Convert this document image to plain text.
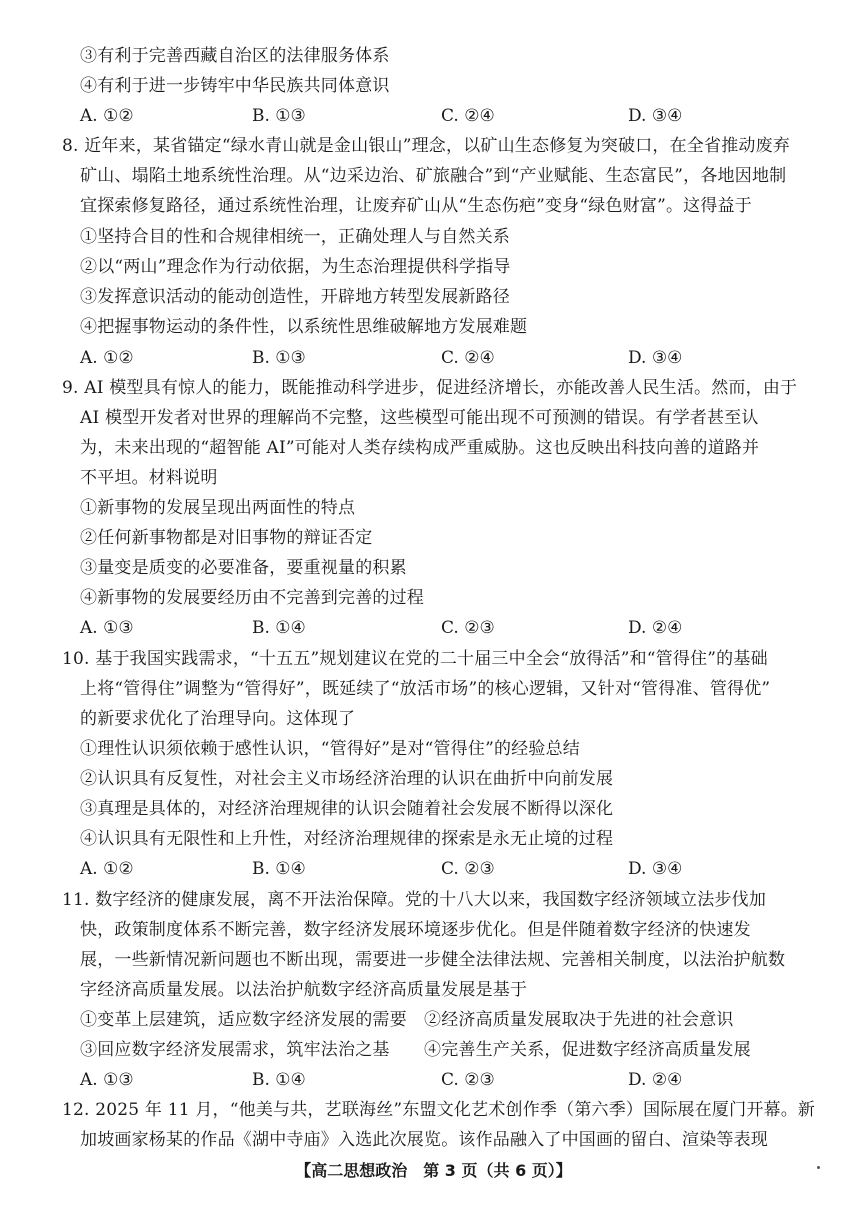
③有利于完善西藏自治区的法律服务体系
④有利于进一步铸牢中华民族共同体意识
A. ①②	B. ①③	C. ②④	D. ③④
8. 近年来，某省锚定“绿水青山就是金山银山”理念，以矿山生态修复为突破口，在全省推动废弃
矿山、塌陷土地系统性治理。从“边采边治、矿旅融合”到“产业赋能、生态富民”，各地因地制
宜探索修复路径，通过系统性治理，让废弃矿山从“生态伤疤”变身“绿色财富”。这得益于
①坚持合目的性和合规律相统一，正确处理人与自然关系
②以“两山”理念作为行动依据，为生态治理提供科学指导
③发挥意识活动的能动创造性，开辟地方转型发展新路径
④把握事物运动的条件性，以系统性思维破解地方发展难题
A. ①②	B. ①③	C. ②④	D. ③④
9. AI 模型具有惊人的能力，既能推动科学进步，促进经济增长，亦能改善人民生活。然而，由于
AI 模型开发者对世界的理解尚不完整，这些模型可能出现不可预测的错误。有学者甚至认
为，未来出现的“超智能 AI”可能对人类存续构成严重威胁。这也反映出科技向善的道路并
不平坦。材料说明
①新事物的发展呈现出两面性的特点
②任何新事物都是对旧事物的辩证否定
③量变是质变的必要准备，要重视量的积累
④新事物的发展要经历由不完善到完善的过程
A. ①③	B. ①④	C. ②③	D. ②④
10. 基于我国实践需求，“十五五”规划建议在党的二十届三中全会“放得活”和“管得住”的基础
上将“管得住”调整为“管得好”，既延续了“放活市场”的核心逻辑，又针对“管得准、管得优”
的新要求优化了治理导向。这体现了
①理性认识须依赖于感性认识，“管得好”是对“管得住”的经验总结
②认识具有反复性，对社会主义市场经济治理的认识在曲折中向前发展
③真理是具体的，对经济治理规律的认识会随着社会发展不断得以深化
④认识具有无限性和上升性，对经济治理规律的探索是永无止境的过程
A. ①②	B. ①④	C. ②③	D. ③④
11. 数字经济的健康发展，离不开法治保障。党的十八大以来，我国数字经济领域立法步伐加
快，政策制度体系不断完善，数字经济发展环境逐步优化。但是伴随着数字经济的快速发
展，一些新情况新问题也不断出现，需要进一步健全法律法规、完善相关制度，以法治护航数
字经济高质量发展。以法治护航数字经济高质量发展是基于
①变革上层建筑，适应数字经济发展的需要　②经济高质量发展取决于先进的社会意识
③回应数字经济发展需求，筑牢法治之基　　④完善生产关系，促进数字经济高质量发展
A. ①③	B. ①④	C. ②③	D. ②④
12. 2025 年 11 月，“他美与共，艺联海丝”东盟文化艺术创作季（第六季）国际展在厦门开幕。新
加坡画家杨某的作品《湖中寺庙》入选此次展览。该作品融入了中国画的留白、渲染等表现
【高二思想政治　第 3 页（共 6 页）】
